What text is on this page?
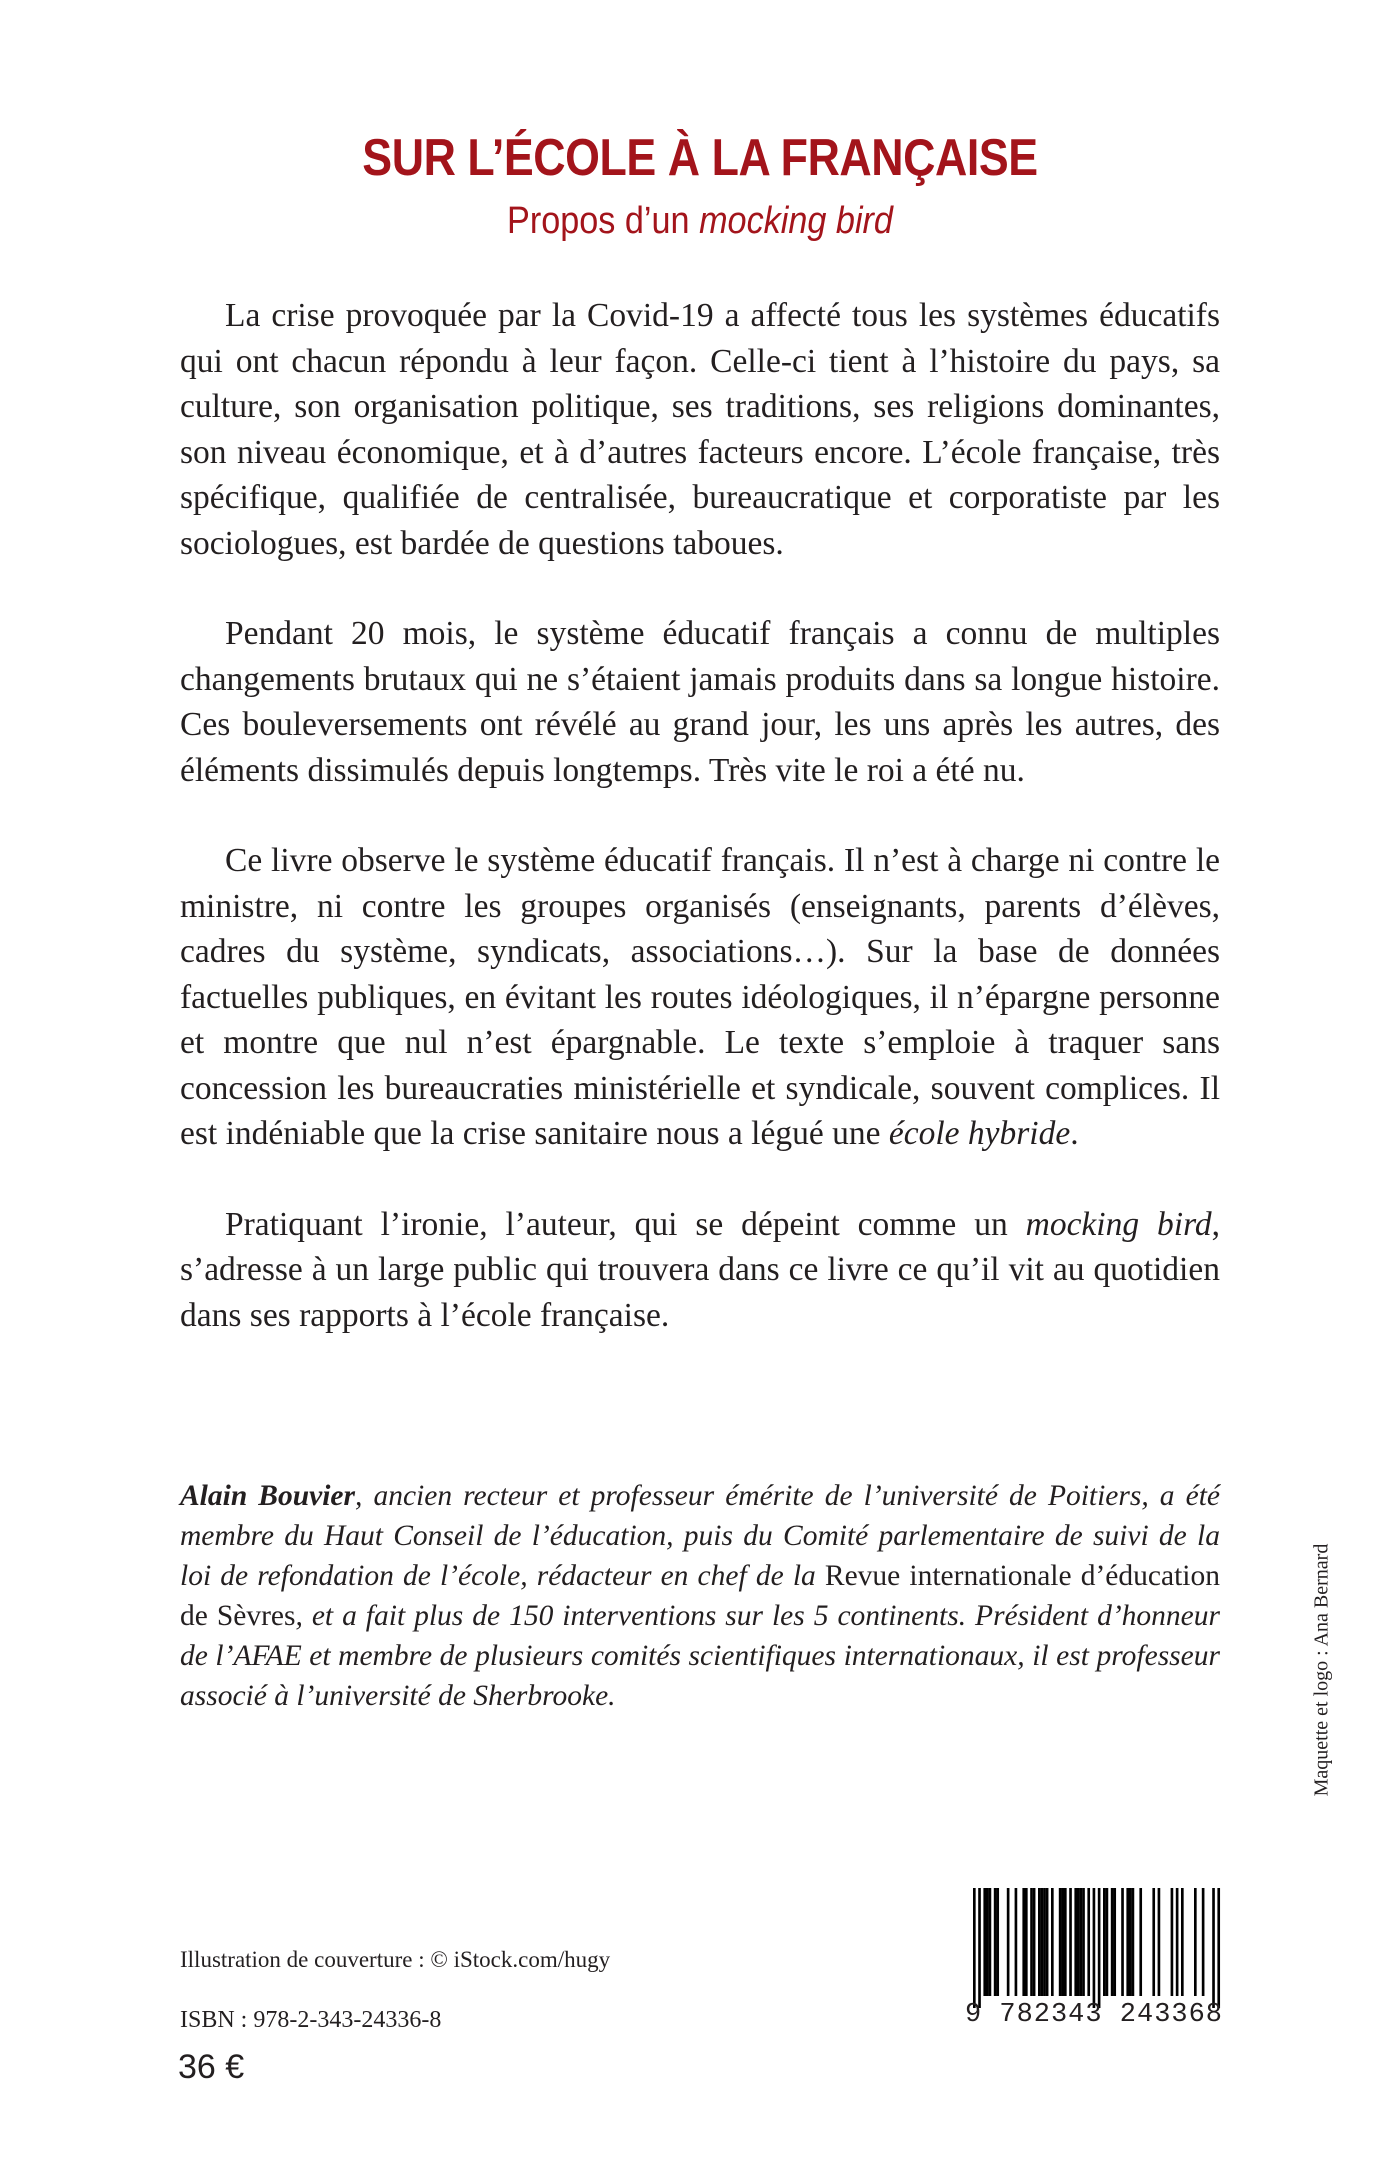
SUR L’ÉCOLE À LA FRANÇAISE
Propos d’un mocking bird

La crise provoquée par la Covid-19 a affecté tous les systèmes éducatifs qui ont chacun répondu à leur façon. Celle-ci tient à l’histoire du pays, sa culture, son organisation politique, ses traditions, ses religions dominantes, son niveau économique, et à d’autres facteurs encore. L’école française, très spécifique, qualifiée de centralisée, bureaucratique et corporatiste par les sociologues, est bardée de questions taboues.

Pendant 20 mois, le système éducatif français a connu de multiples changements brutaux qui ne s’étaient jamais produits dans sa longue histoire. Ces bouleversements ont révélé au grand jour, les uns après les autres, des éléments dissimulés depuis longtemps. Très vite le roi a été nu.

Ce livre observe le système éducatif français. Il n’est à charge ni contre le ministre, ni contre les groupes organisés (enseignants, parents d’élèves, cadres du système, syndicats, associations…). Sur la base de données factuelles publiques, en évitant les routes idéologiques, il n’épargne personne et montre que nul n’est épargnable. Le texte s’emploie à traquer sans concession les bureaucraties ministérielle et syndicale, souvent complices. Il est indéniable que la crise sanitaire nous a légué une école hybride.

Pratiquant l’ironie, l’auteur, qui se dépeint comme un mocking bird, s’adresse à un large public qui trouvera dans ce livre ce qu’il vit au quotidien dans ses rapports à l’école française.

Alain Bouvier, ancien recteur et professeur émérite de l’université de Poitiers, a été membre du Haut Conseil de l’éducation, puis du Comité parlementaire de suivi de la loi de refondation de l’école, rédacteur en chef de la Revue internationale d’éducation de Sèvres, et a fait plus de 150 interventions sur les 5 continents. Président d’honneur de l’AFAE et membre de plusieurs comités scientifiques internationaux, il est professeur associé à l’université de Sherbrooke.	Maquette et logo : Ana Bernard
Illustration de couverture : © iStock.com/hugy
ISBN : 978-2-343-24336-8
36 €
9 782343 243368
